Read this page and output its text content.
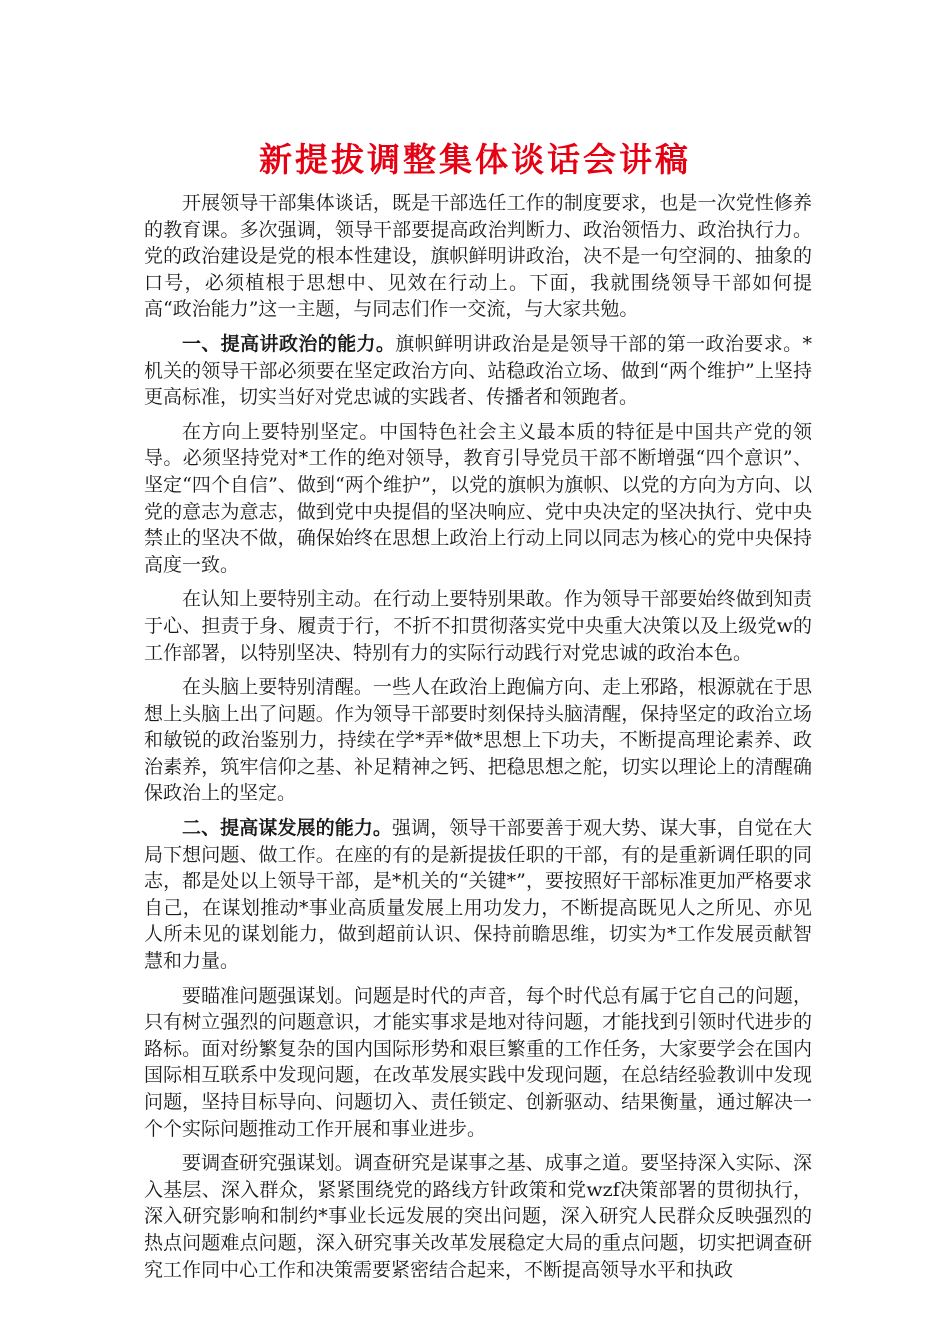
新提拔调整集体谈话会讲稿

开展领导干部集体谈话，既是干部选任工作的制度要求，也是一次党性修养的教育课。多次强调，领导干部要提高政治判断力、政治领悟力、政治执行力。党的政治建设是党的根本性建设，旗帜鲜明讲政治，决不是一句空洞的、抽象的口号，必须植根于思想中、见效在行动上。下面，我就围绕领导干部如何提高“政治能力”这一主题，与同志们作一交流，与大家共勉。

一、提高讲政治的能力。旗帜鲜明讲政治是是领导干部的第一政治要求。*机关的领导干部必须要在坚定政治方向、站稳政治立场、做到“两个维护”上坚持更高标准，切实当好对党忠诚的实践者、传播者和领跑者。

在方向上要特别坚定。中国特色社会主义最本质的特征是中国共产党的领导。必须坚持党对*工作的绝对领导，教育引导党员干部不断增强“四个意识”、坚定“四个自信”、做到“两个维护”，以党的旗帜为旗帜、以党的方向为方向、以党的意志为意志，做到党中央提倡的坚决响应、党中央决定的坚决执行、党中央禁止的坚决不做，确保始终在思想上政治上行动上同以同志为核心的党中央保持高度一致。

在认知上要特别主动。在行动上要特别果敢。作为领导干部要始终做到知责于心、担责于身、履责于行，不折不扣贯彻落实党中央重大决策以及上级党w的工作部署，以特别坚决、特别有力的实际行动践行对党忠诚的政治本色。

在头脑上要特别清醒。一些人在政治上跑偏方向、走上邪路，根源就在于思想上头脑上出了问题。作为领导干部要时刻保持头脑清醒，保持坚定的政治立场和敏锐的政治鉴别力，持续在学*弄*做*思想上下功夫，不断提高理论素养、政治素养，筑牢信仰之基、补足精神之钙、把稳思想之舵，切实以理论上的清醒确保政治上的坚定。

二、提高谋发展的能力。强调，领导干部要善于观大势、谋大事，自觉在大局下想问题、做工作。在座的有的是新提拔任职的干部，有的是重新调任职的同志，都是处以上领导干部，是*机关的“关键*”，要按照好干部标准更加严格要求自己，在谋划推动*事业高质量发展上用功发力，不断提高既见人之所见、亦见人所未见的谋划能力，做到超前认识、保持前瞻思维，切实为*工作发展贡献智慧和力量。

要瞄准问题强谋划。问题是时代的声音，每个时代总有属于它自己的问题，只有树立强烈的问题意识，才能实事求是地对待问题，才能找到引领时代进步的路标。面对纷繁复杂的国内国际形势和艰巨繁重的工作任务，大家要学会在国内国际相互联系中发现问题，在改革发展实践中发现问题，在总结经验教训中发现问题，坚持目标导向、问题切入、责任锁定、创新驱动、结果衡量，通过解决一个个实际问题推动工作开展和事业进步。

要调查研究强谋划。调查研究是谋事之基、成事之道。要坚持深入实际、深入基层、深入群众，紧紧围绕党的路线方针政策和党wzf决策部署的贯彻执行，深入研究影响和制约*事业长远发展的突出问题，深入研究人民群众反映强烈的热点问题难点问题，深入研究事关改革发展稳定大局的重点问题，切实把调查研究工作同中心工作和决策需要紧密结合起来，不断提高领导水平和执政
